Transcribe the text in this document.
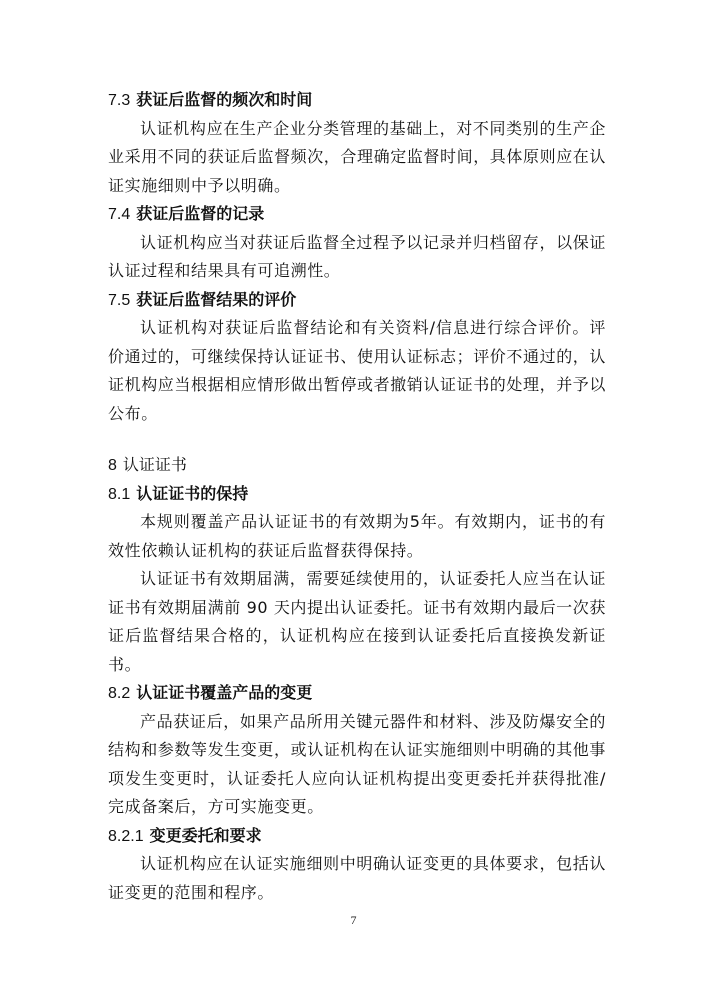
7.3 获证后监督的频次和时间

认证机构应在生产企业分类管理的基础上，对不同类别的生产企业采用不同的获证后监督频次，合理确定监督时间，具体原则应在认证实施细则中予以明确。

7.4 获证后监督的记录

认证机构应当对获证后监督全过程予以记录并归档留存，以保证认证过程和结果具有可追溯性。

7.5 获证后监督结果的评价

认证机构对获证后监督结论和有关资料/信息进行综合评价。评价通过的，可继续保持认证证书、使用认证标志；评价不通过的，认证机构应当根据相应情形做出暂停或者撤销认证证书的处理，并予以公布。

8 认证证书
8.1 认证证书的保持

本规则覆盖产品认证证书的有效期为5年。有效期内，证书的有效性依赖认证机构的获证后监督获得保持。

认证证书有效期届满，需要延续使用的，认证委托人应当在认证证书有效期届满前 90 天内提出认证委托。证书有效期内最后一次获证后监督结果合格的，认证机构应在接到认证委托后直接换发新证书。

8.2 认证证书覆盖产品的变更

产品获证后，如果产品所用关键元器件和材料、涉及防爆安全的结构和参数等发生变更，或认证机构在认证实施细则中明确的其他事项发生变更时，认证委托人应向认证机构提出变更委托并获得批准/完成备案后，方可实施变更。

8.2.1 变更委托和要求

认证机构应在认证实施细则中明确认证变更的具体要求，包括认证变更的范围和程序。

7
